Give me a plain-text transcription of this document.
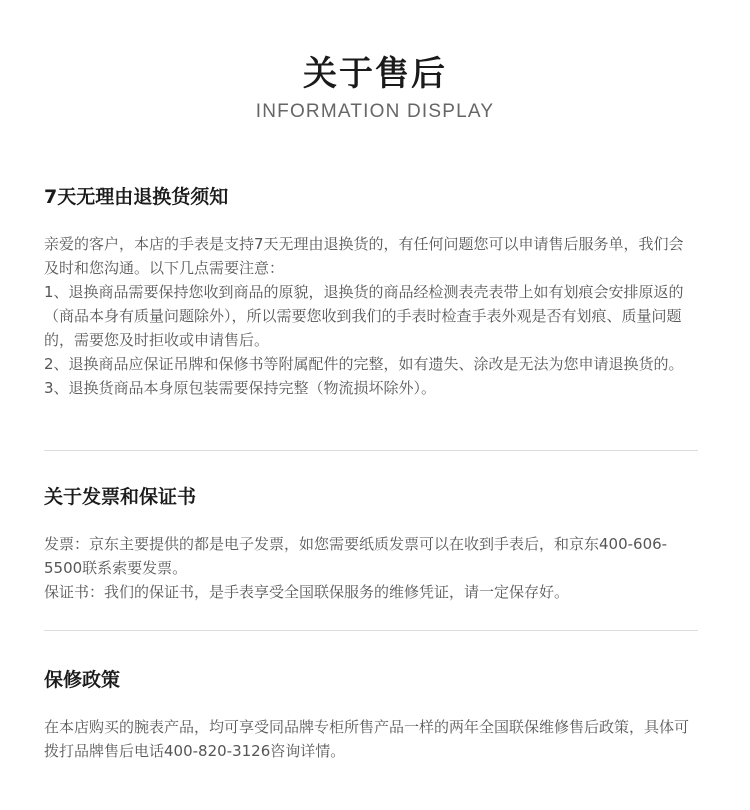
关于售后
INFORMATION DISPLAY
7天无理由退换货须知

亲爱的客户，本店的手表是支持7天无理由退换货的，有任何问题您可以申请售后服务单，我们会及时和您沟通。以下几点需要注意：

1、退换商品需要保持您收到商品的原貌，退换货的商品经检测表壳表带上如有划痕会安排原返的（商品本身有质量问题除外），所以需要您收到我们的手表时检查手表外观是否有划痕、质量问题的，需要您及时拒收或申请售后。

2、退换商品应保证吊牌和保修书等附属配件的完整，如有遗失、涂改是无法为您申请退换货的。

3、退换货商品本身原包装需要保持完整（物流损坏除外）。

关于发票和保证书

发票：京东主要提供的都是电子发票，如您需要纸质发票可以在收到手表后，和京东400-606-5500联系索要发票。

保证书：我们的保证书，是手表享受全国联保服务的维修凭证，请一定保存好。

保修政策

在本店购买的腕表产品，均可享受同品牌专柜所售产品一样的两年全国联保维修售后政策，具体可拨打品牌售后电话400-820-3126咨询详情。
